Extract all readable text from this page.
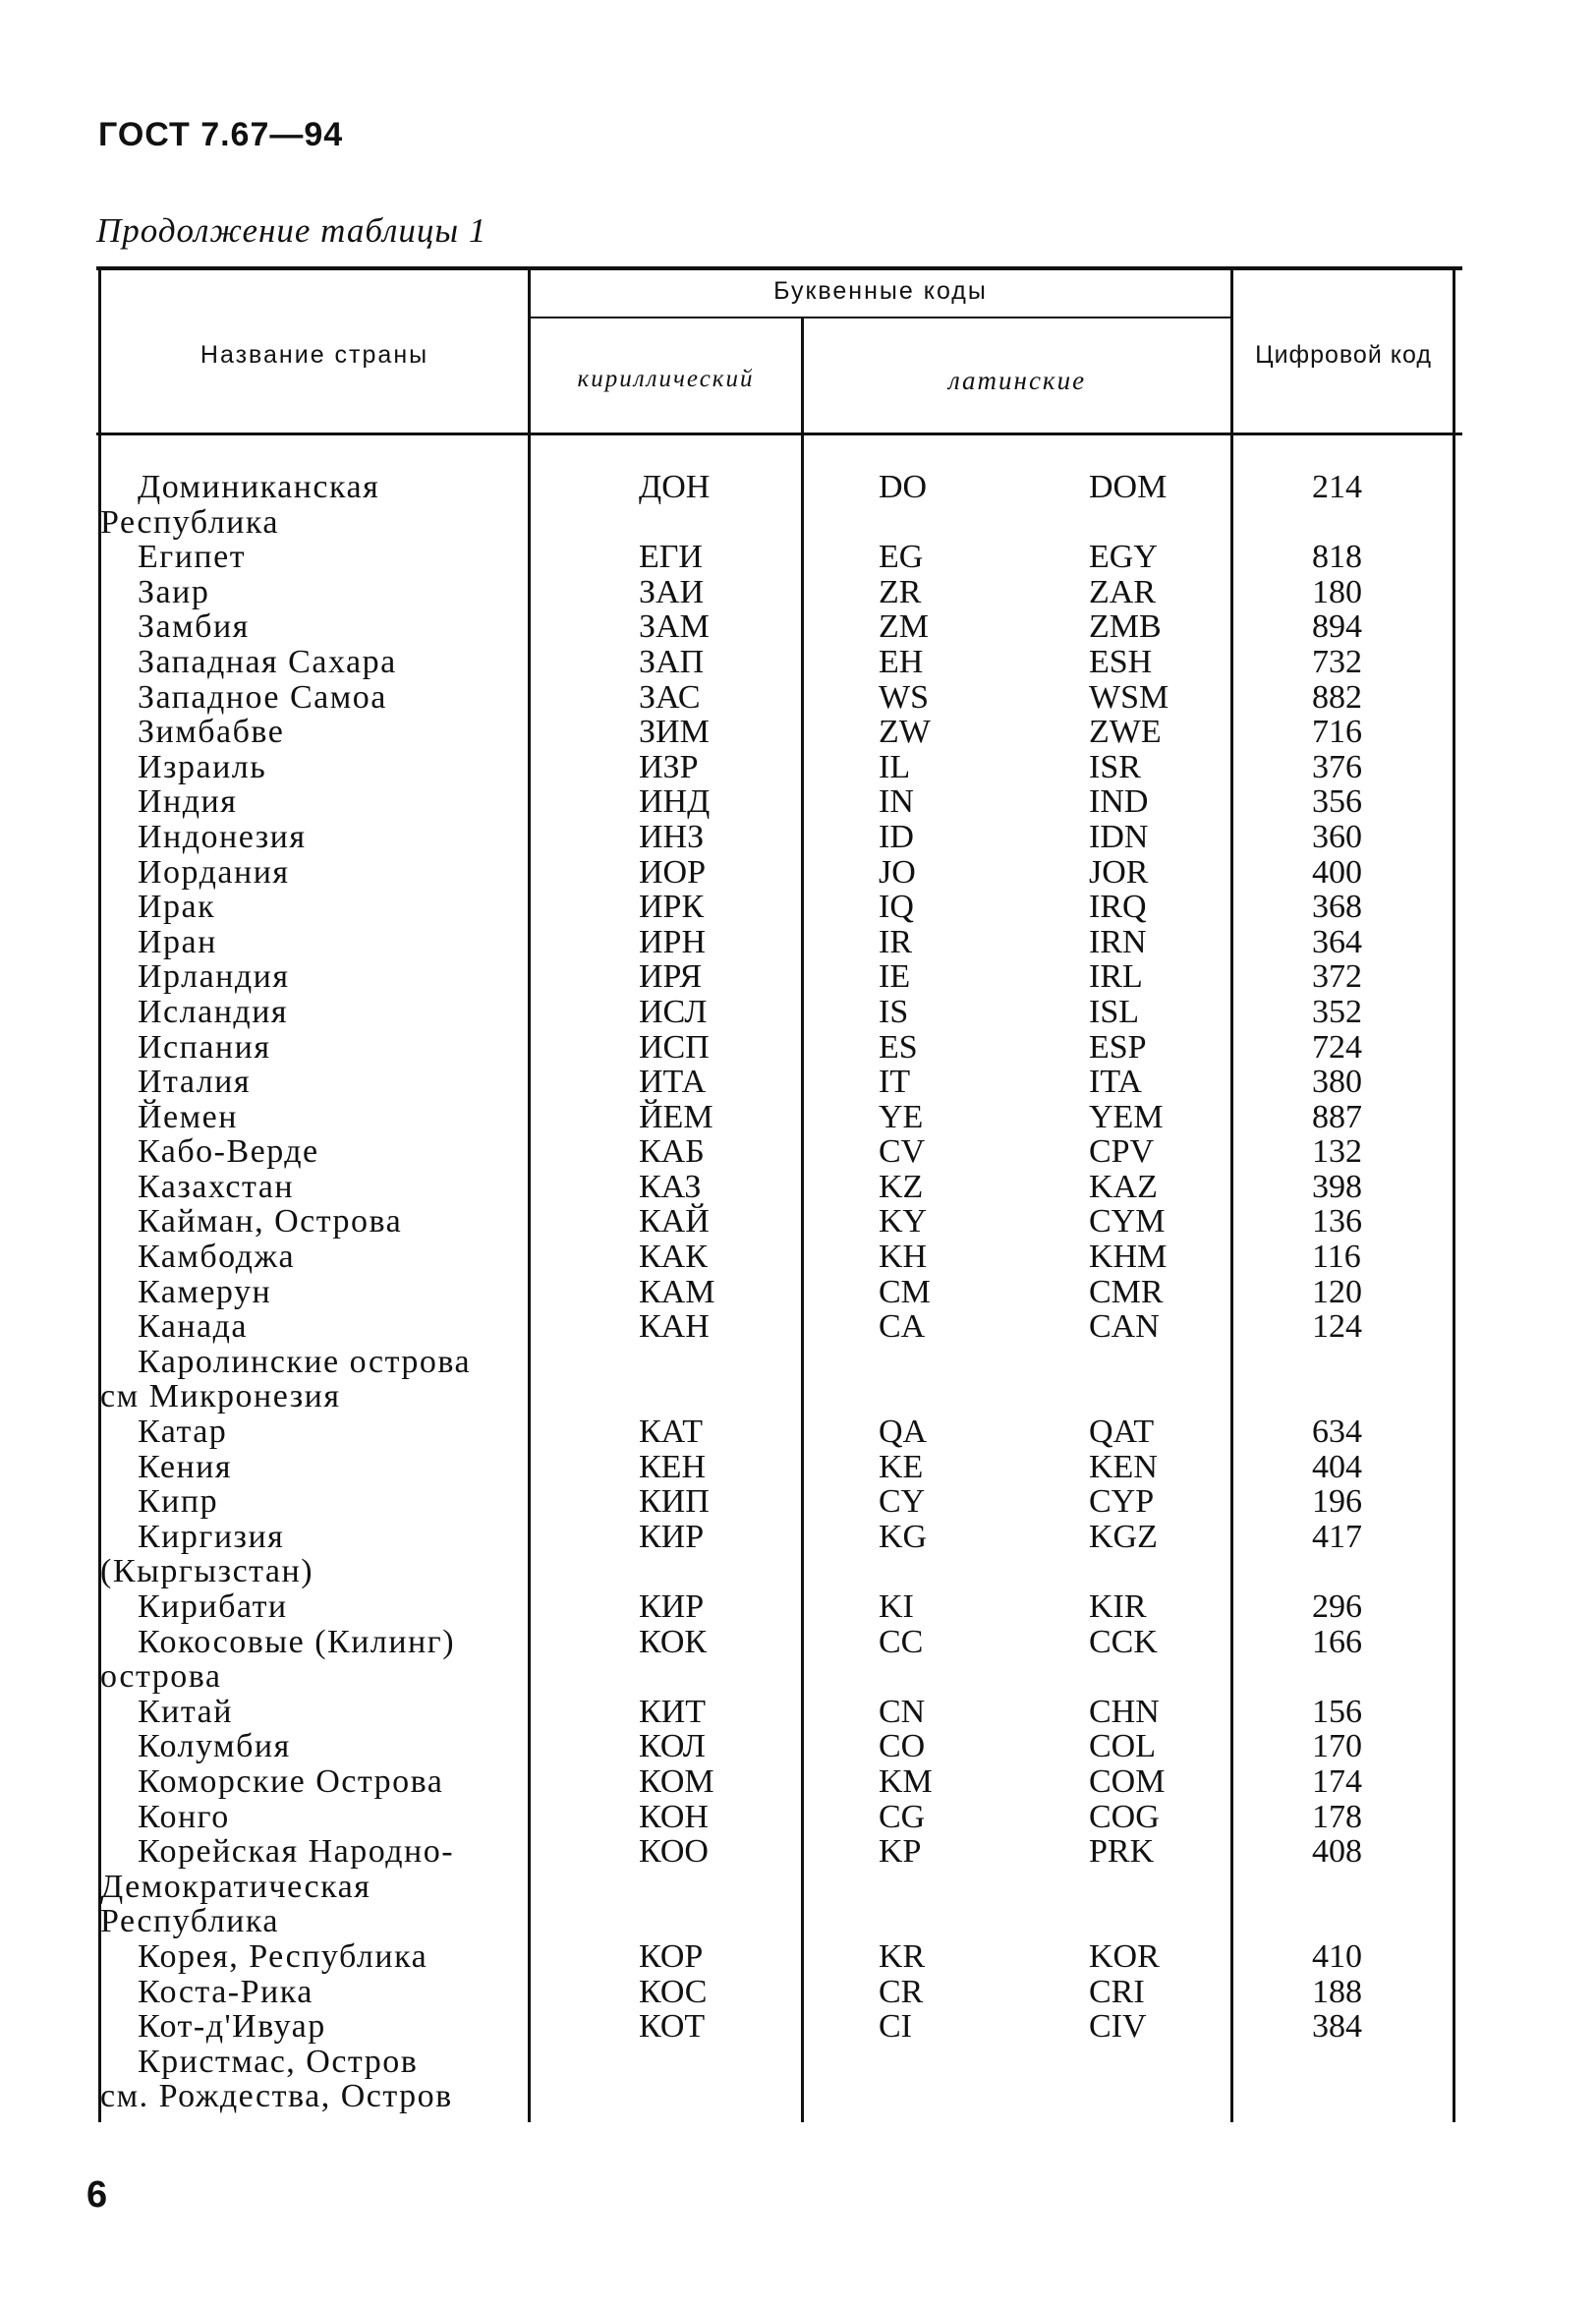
ГОСТ 7.67—94
Продолжение таблицы 1
Название страны
Буквенные коды
кириллический	латинские
Цифровой код
Доминиканская	ДОН	DO	DOM	214
Республика
Египет	ЕГИ	EG	EGY	818
Заир	ЗАИ	ZR	ZAR	180
Замбия	ЗАМ	ZM	ZMB	894
Западная Сахара	ЗАП	EH	ESH	732
Западное Самоа	ЗАС	WS	WSM	882
Зимбабве	ЗИМ	ZW	ZWE	716
Израиль	ИЗР	IL	ISR	376
Индия	ИНД	IN	IND	356
Индонезия	ИНЗ	ID	IDN	360
Иордания	ИОР	JO	JOR	400
Ирак	ИРК	IQ	IRQ	368
Иран	ИРН	IR	IRN	364
Ирландия	ИРЯ	IE	IRL	372
Исландия	ИСЛ	IS	ISL	352
Испания	ИСП	ES	ESP	724
Италия	ИТА	IT	ITA	380
Йемен	ЙЕМ	YE	YEM	887
Кабо-Верде	КАБ	CV	CPV	132
Казахстан	КАЗ	KZ	KAZ	398
Кайман, Острова	КАЙ	KY	CYM	136
Камбоджа	КАК	KH	KHM	116
Камерун	КАМ	CM	CMR	120
Канада	КАН	CA	CAN	124
Каролинские острова
см Микронезия
Катар	КАТ	QA	QAT	634
Кения	КЕН	KE	KEN	404
Кипр	КИП	CY	CYP	196
Киргизия	КИР	KG	KGZ	417
(Кыргызстан)
Кирибати	КИР	KI	KIR	296
Кокосовые (Килинг)	КОК	CC	CCK	166
острова
Китай	КИТ	CN	CHN	156
Колумбия	КОЛ	CO	COL	170
Коморские Острова	КОМ	KM	COM	174
Конго	КОН	CG	COG	178
Корейская Народно-	КОО	KP	PRK	408
Демократическая
Республика
Корея, Республика	КОР	KR	KOR	410
Коста-Рика	КОС	CR	CRI	188
Кот-д'Ивуар	КОТ	CI	CIV	384
Кристмас, Остров
см. Рождества, Остров
6
